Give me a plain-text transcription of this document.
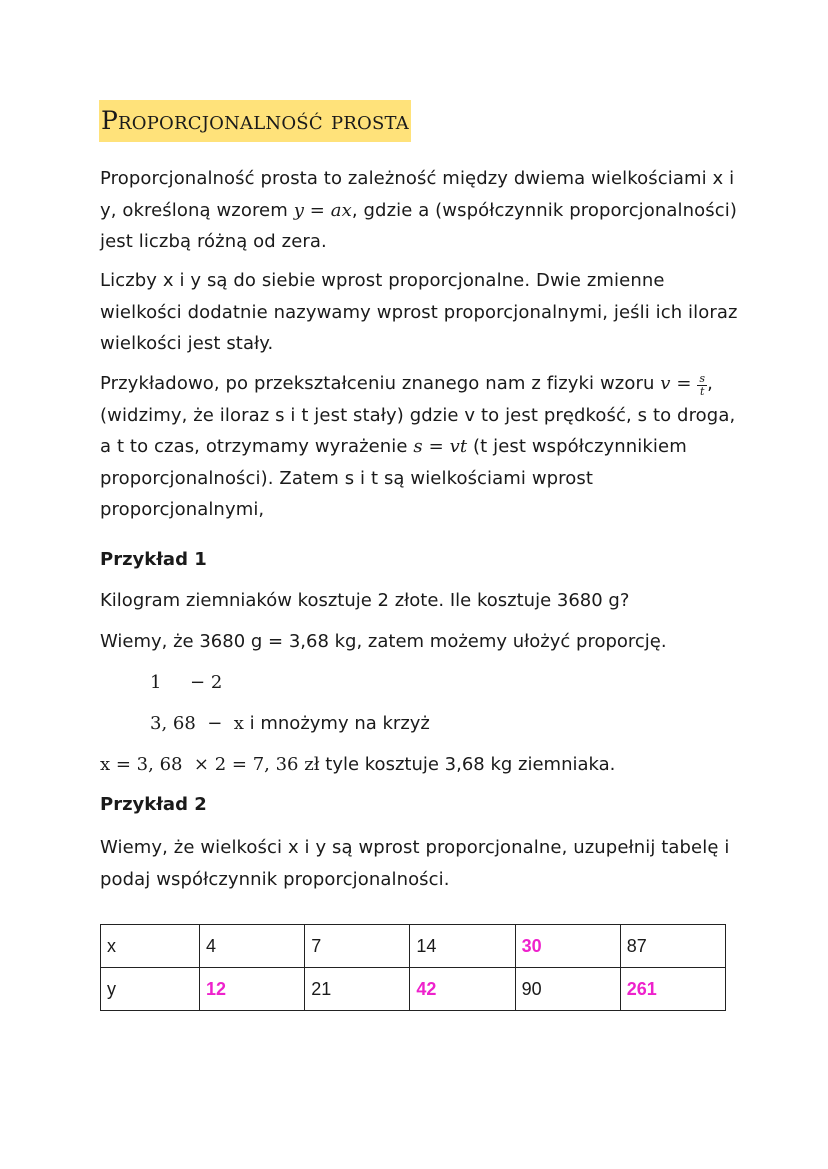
Proporcjonalność prosta
Proporcjonalność prosta to zależność między dwiema wielkościami x i y, określoną wzorem y = ax, gdzie a (współczynnik proporcjonalności) jest liczbą różną od zera.
Liczby x i y są do siebie wprost proporcjonalne. Dwie zmienne wielkości dodatnie nazywamy wprost proporcjonalnymi, jeśli ich iloraz wielkości jest stały.
Przykładowo, po przekształceniu znanego nam z fizyki wzoru $v = \frac{s}{t}$ , (widzimy, że iloraz s i t jest stały) gdzie v to jest prędkość, s to droga, a t to czas, otrzymamy wyrażenie s = vt (t jest współczynnikiem proporcjonalności). Zatem s i t są wielkościami wprost proporcjonalnymi,
Przykład 1
Kilogram ziemniaków kosztuje 2 złote. Ile kosztuje 3680 g?
Wiemy, że 3680 g = 3,68 kg, zatem możemy ułożyć proporcję.
1     − 2
3, 68  −  x i mnożymy na krzyż
x = 3, 68  × 2 = 7, 36 zł tyle kosztuje 3,68 kg ziemniaka.
Przykład 2
Wiemy, że wielkości x i y są wprost proporcjonalne, uzupełnij tabelę i podaj współczynnik proporcjonalności.
x	4	7	14	30	87
y	12	21	42	90	261
